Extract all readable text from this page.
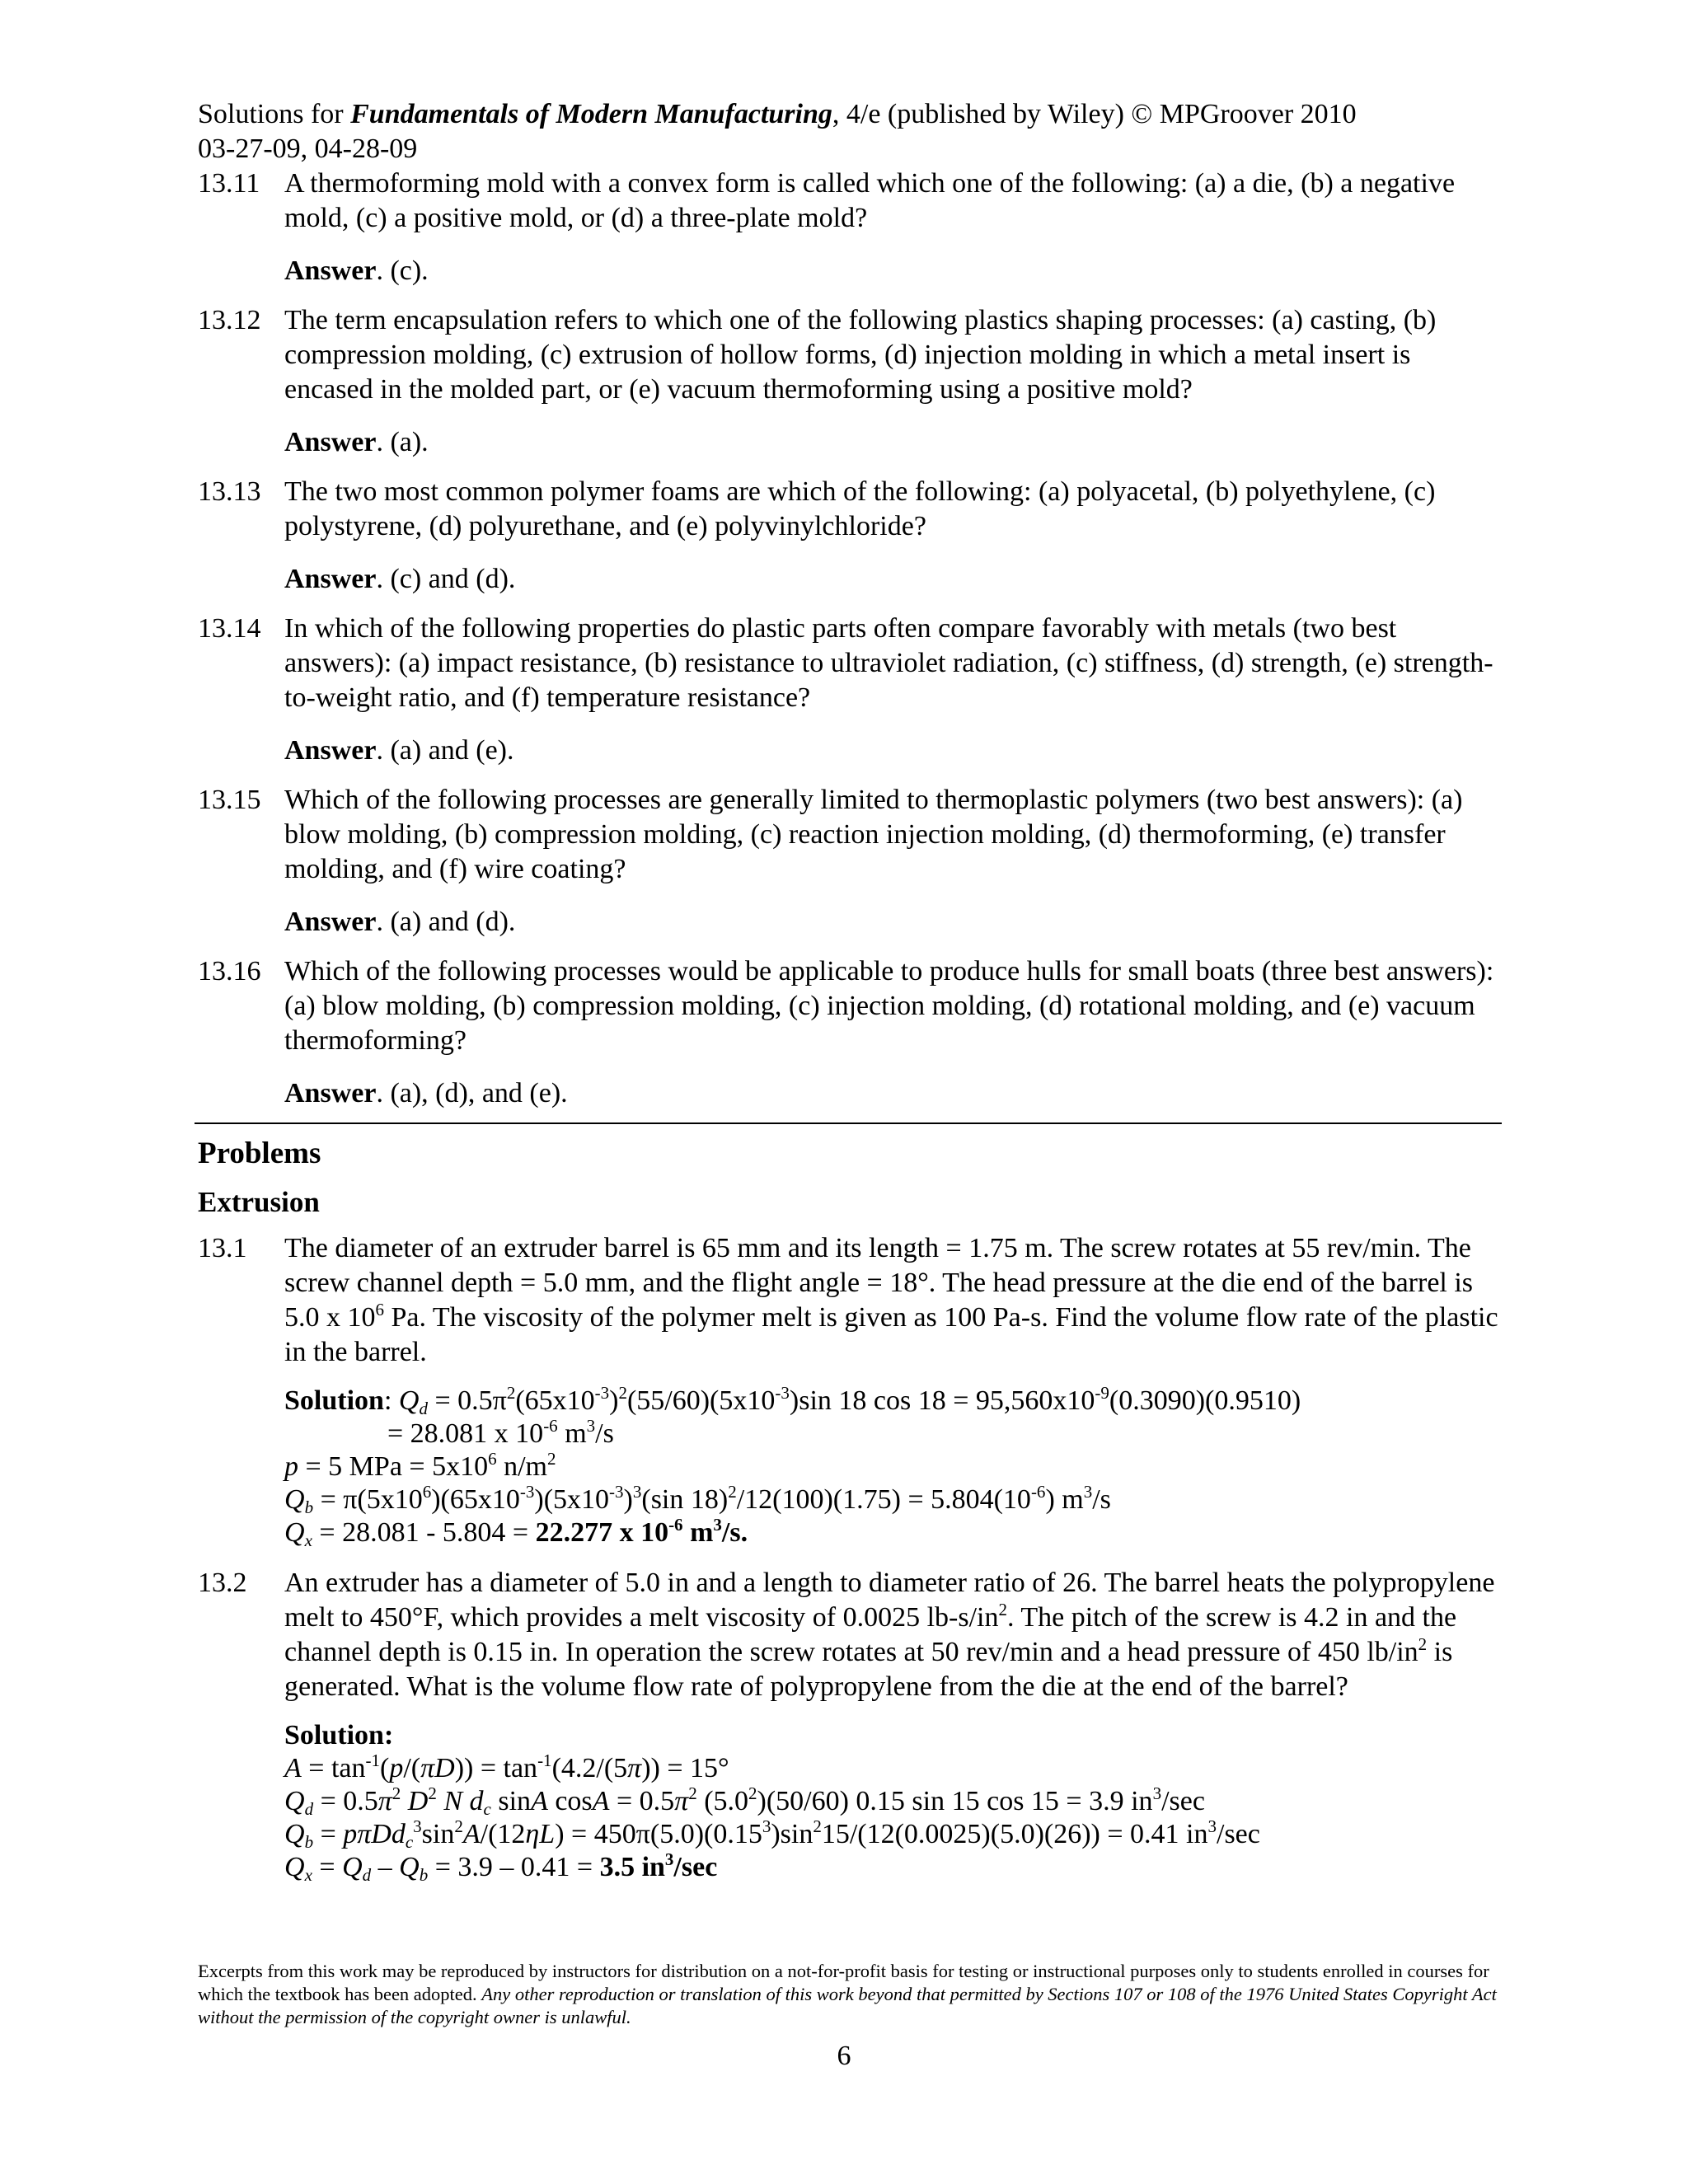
Solutions for Fundamentals of Modern Manufacturing, 4/e (published by Wiley) © MPGroover 2010
03-27-09, 04-28-09
13.11 A thermoforming mold with a convex form is called which one of the following: (a) a die, (b) a negative mold, (c) a positive mold, or (d) a three-plate mold?
Answer. (c).
13.12 The term encapsulation refers to which one of the following plastics shaping processes: (a) casting, (b) compression molding, (c) extrusion of hollow forms, (d) injection molding in which a metal insert is encased in the molded part, or (e) vacuum thermoforming using a positive mold?
Answer. (a).
13.13 The two most common polymer foams are which of the following: (a) polyacetal, (b) polyethylene, (c) polystyrene, (d) polyurethane, and (e) polyvinylchloride?
Answer. (c) and (d).
13.14 In which of the following properties do plastic parts often compare favorably with metals (two best answers): (a) impact resistance, (b) resistance to ultraviolet radiation, (c) stiffness, (d) strength, (e) strength-to-weight ratio, and (f) temperature resistance?
Answer. (a) and (e).
13.15 Which of the following processes are generally limited to thermoplastic polymers (two best answers): (a) blow molding, (b) compression molding, (c) reaction injection molding, (d) thermoforming, (e) transfer molding, and (f) wire coating?
Answer. (a) and (d).
13.16 Which of the following processes would be applicable to produce hulls for small boats (three best answers): (a) blow molding, (b) compression molding, (c) injection molding, (d) rotational molding, and (e) vacuum thermoforming?
Answer. (a), (d), and (e).
Problems
Extrusion
13.1 The diameter of an extruder barrel is 65 mm and its length = 1.75 m. The screw rotates at 55 rev/min. The screw channel depth = 5.0 mm, and the flight angle = 18°. The head pressure at the die end of the barrel is 5.0 x $10^6$ Pa. The viscosity of the polymer melt is given as 100 Pa-s. Find the volume flow rate of the plastic in the barrel.
Solution: $Q_d = 0.5\pi^2(65x10^{-3})^2(55/60)(5x10^{-3})\sin$ 18 $\cos 18 = 95,560x10^{-9}(0.3090)(0.9510)$
= 28.081 x $10^{-6}$ $m^3/s$
p = 5 MPa = $5x10^6$ $n/m^2$
$Q_b = \pi(5x10^6)(65x10^{-3})(5x10^{-3})^3(\sin$ $18)^2/12(100)(1.75) = 5.804(10^{-6})$ $m^3/s$
$Q_x = 28.081 - 5.804 = 22.277$ x $10^{-6}$ $m^3/s$.
13.2 An extruder has a diameter of 5.0 in and a length to diameter ratio of 26. The barrel heats the polypropylene melt to 450°F, which provides a melt viscosity of 0.0025 $lb-s/in^2$. The pitch of the screw is 4.2 in and the channel depth is 0.15 in. In operation the screw rotates at 50 rev/min and a head pressure of 450 $lb/in^2$ is generated. What is the volume flow rate of polypropylene from the die at the end of the barrel?
Solution:
$A = \tan^{-1}(p/(\pi D)) = \tan^{-1}(4.2/(5\pi)) = 15^\circ$
$Q_d = 0.5\pi^2$ $D^2$ N $d_c$ sinA $\cos A = 0.5\pi^2$ $(5.0^2)(50/60)$ 0.15 sin 15 cos 15 = 3.9 $in^3/\sec$
$Q_b = p\pi Dd_c^3\sin^2A/(12\eta L) = 450\pi(5.0)(0.15^3)\sin^215/(12(0.0025)(5.0)(26)) = 0.41$ $in^3/\sec$
$Q_x = Q_d - Q_b = 3.9 - 0.41 = 3.5$ $in^3/\sec$
Excerpts from this work may be reproduced by instructors for distribution on a not-for-profit basis for testing or instructional purposes only to students enrolled in courses for which the textbook has been adopted. Any other reproduction or translation of this work beyond that permitted by Sections 107 or 108 of the 1976 United States Copyright Act without the permission of the copyright owner is unlawful.
6
